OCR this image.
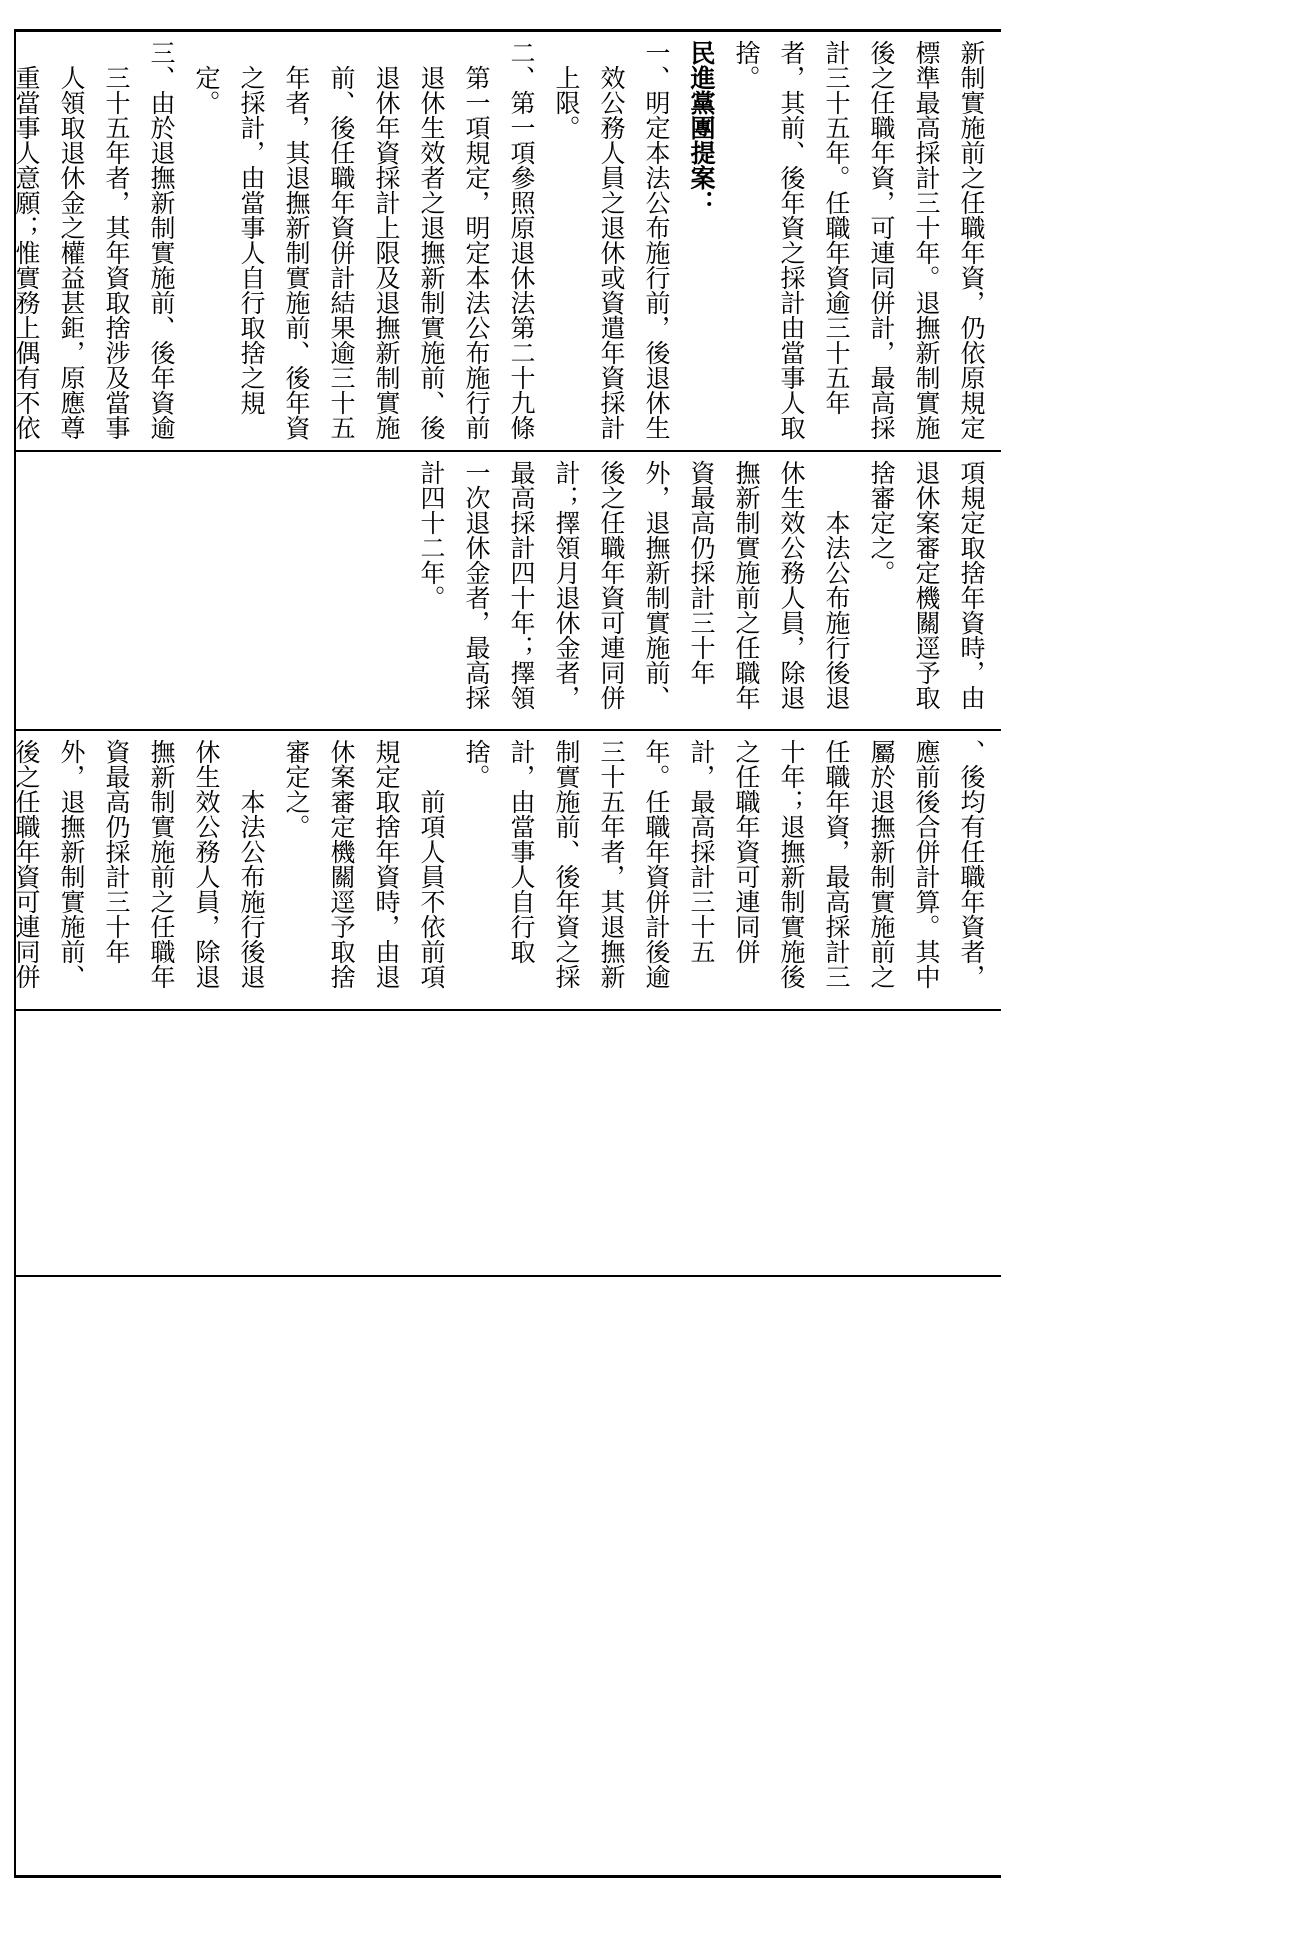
新制實施前之任職年資，仍依原規定標準最高採計三十年。退撫新制實施後之任職年資，可連同併計，最高採計三十五年。任職年資逾三十五年者，其前、後年資之採計由當事人取捨。

民進黨團提案：

一、明定本法公布施行前，後退休生效公務人員之退休或資遣年資採計上限。

二、第一項參照原退休法第二十九條第一項規定，明定本法公布施行前退休生效者之退撫新制實施前、後退休年資採計上限及退撫新制實施前、後任職年資併計結果逾三十五年者，其退撫新制實施前、後年資之採計，由當事人自行取捨之規定。

三、由於退撫新制實施前、後年資逾三十五年者，其年資取捨涉及當事人領取退休金之權益甚鉅，原應尊重當事人意願；惟實務上偶有不依

項規定取捨年資時，由退休案審定機關逕予取捨審定之。

本法公布施行後退休生效公務人員，除退撫新制實施前之任職年資最高仍採計三十年外，退撫新制實施前、後之任職年資可連同併計；擇領月退休金者，最高採計四十年；擇領一次退休金者，最高採計四十二年。

、後均有任職年資者，應前後合併計算。其中屬於退撫新制實施前之任職年資，最高採計三十年；退撫新制實施後之任職年資可連同併計，最高採計三十五年。任職年資併計後逾三十五年者，其退撫新制實施前、後年資之採計，由當事人自行取捨。

前項人員不依前項規定取捨年資時，由退休案審定機關逕予取捨審定之。

本法公布施行後退休生效公務人員，除退撫新制實施前之任職年資最高仍採計三十年外，退撫新制實施前、後之任職年資可連同併
